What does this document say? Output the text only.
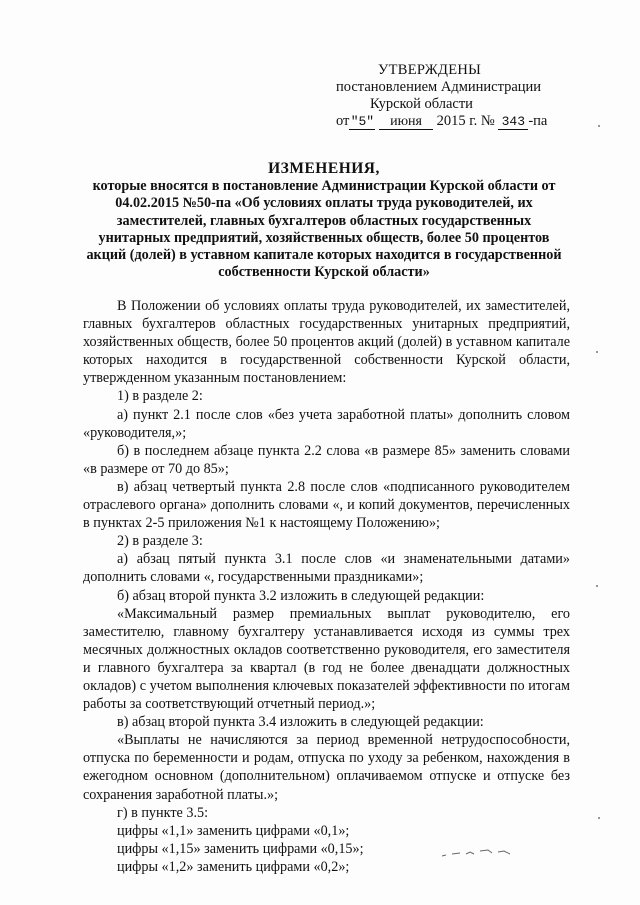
УТВЕРЖДЕНЫ
постановлением Администрации
Курской области
от"5" июня 2015 г. № 343 -па
ИЗМЕНЕНИЯ,
которые вносятся в постановление Администрации Курской области от
04.02.2015 №50-па «Об условиях оплаты труда руководителей, их
заместителей, главных бухгалтеров областных государственных
унитарных предприятий, хозяйственных обществ, более 50 процентов
акций (долей) в уставном капитале которых находится в государственной
собственности Курской области»

В Положении об условиях оплаты труда руководителей, их заместителей, главных бухгалтеров областных государственных унитарных предприятий, хозяйственных обществ, более 50 процентов акций (долей) в уставном капитале которых находится в государственной собственности Курской области, утвержденном указанным постановлением:

1) в разделе 2:

а) пункт 2.1 после слов «без учета заработной платы» дополнить словом «руководителя,»;

б) в последнем абзаце пункта 2.2 слова «в размере 85» заменить словами «в размере от 70 до 85»;

в) абзац четвертый пункта 2.8 после слов «подписанного руководителем отраслевого органа» дополнить словами «, и копий документов, перечисленных в пунктах 2-5 приложения №1 к настоящему Положению»;

2) в разделе 3:

а) абзац пятый пункта 3.1 после слов «и знаменательными датами» дополнить словами «, государственными праздниками»;

б) абзац второй пункта 3.2 изложить в следующей редакции:

«Максимальный размер премиальных выплат руководителю, его заместителю, главному бухгалтеру устанавливается исходя из суммы трех месячных должностных окладов соответственно руководителя, его заместителя и главного бухгалтера за квартал (в год не более двенадцати должностных окладов) с учетом выполнения ключевых показателей эффективности по итогам работы за соответствующий отчетный период.»;

в) абзац второй пункта 3.4 изложить в следующей редакции:

«Выплаты не начисляются за период временной нетрудоспособности, отпуска по беременности и родам, отпуска по уходу за ребенком, нахождения в ежегодном основном (дополнительном) оплачиваемом отпуске и отпуске без сохранения заработной платы.»;

г) в пункте 3.5:

цифры «1,1» заменить цифрами «0,1»;

цифры «1,15» заменить цифрами «0,15»;

цифры «1,2» заменить цифрами «0,2»;
